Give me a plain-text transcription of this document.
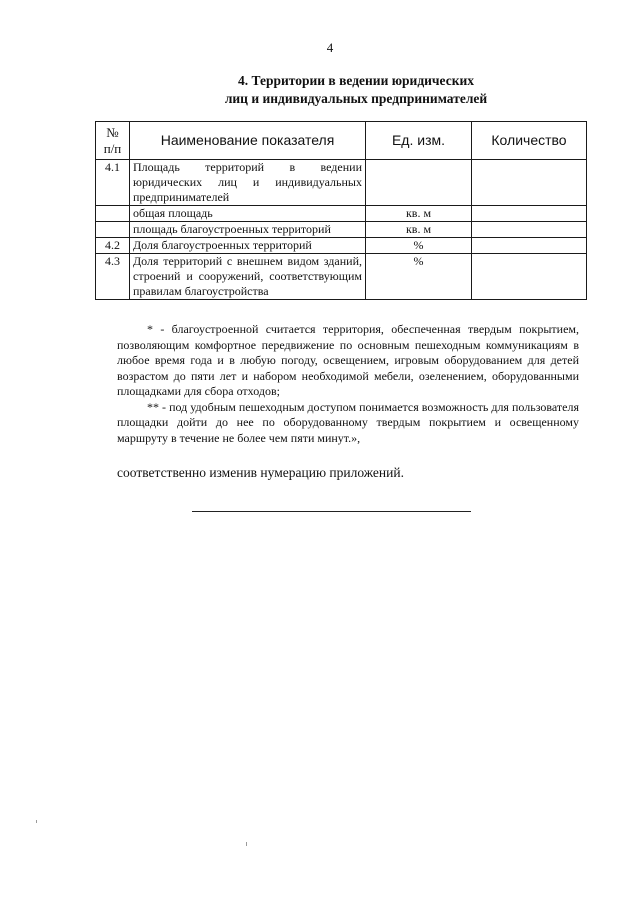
4
4. Территории в ведении юридических
лиц и индивидуальных предпринимателей
№
п/п	Наименование показателя	Ед. изм.	Количество
4.1	Площадь территорий в ведении юридических лиц и индивидуальных предпринимателей		
	общая площадь	кв. м	
	площадь благоустроенных территорий	кв. м	
4.2	Доля благоустроенных территорий	%	
4.3	Доля территорий с внешнем видом зданий, строений и сооружений, соответствующим правилам благоустройства	%	

* - благоустроенной считается территория, обеспеченная твердым покрытием, позволяющим комфортное передвижение по основным пешеходным коммуникациям в любое время года и в любую погоду, освещением, игровым оборудованием для детей возрастом до пяти лет и набором необходимой мебели, озеленением, оборудованными площадками для сбора отходов;

** - под удобным пешеходным доступом понимается возможность для пользователя площадки дойти до нее по оборудованному твердым покрытием и освещенному маршруту в течение не более чем пяти минут.»,

соответственно изменив нумерацию приложений.
